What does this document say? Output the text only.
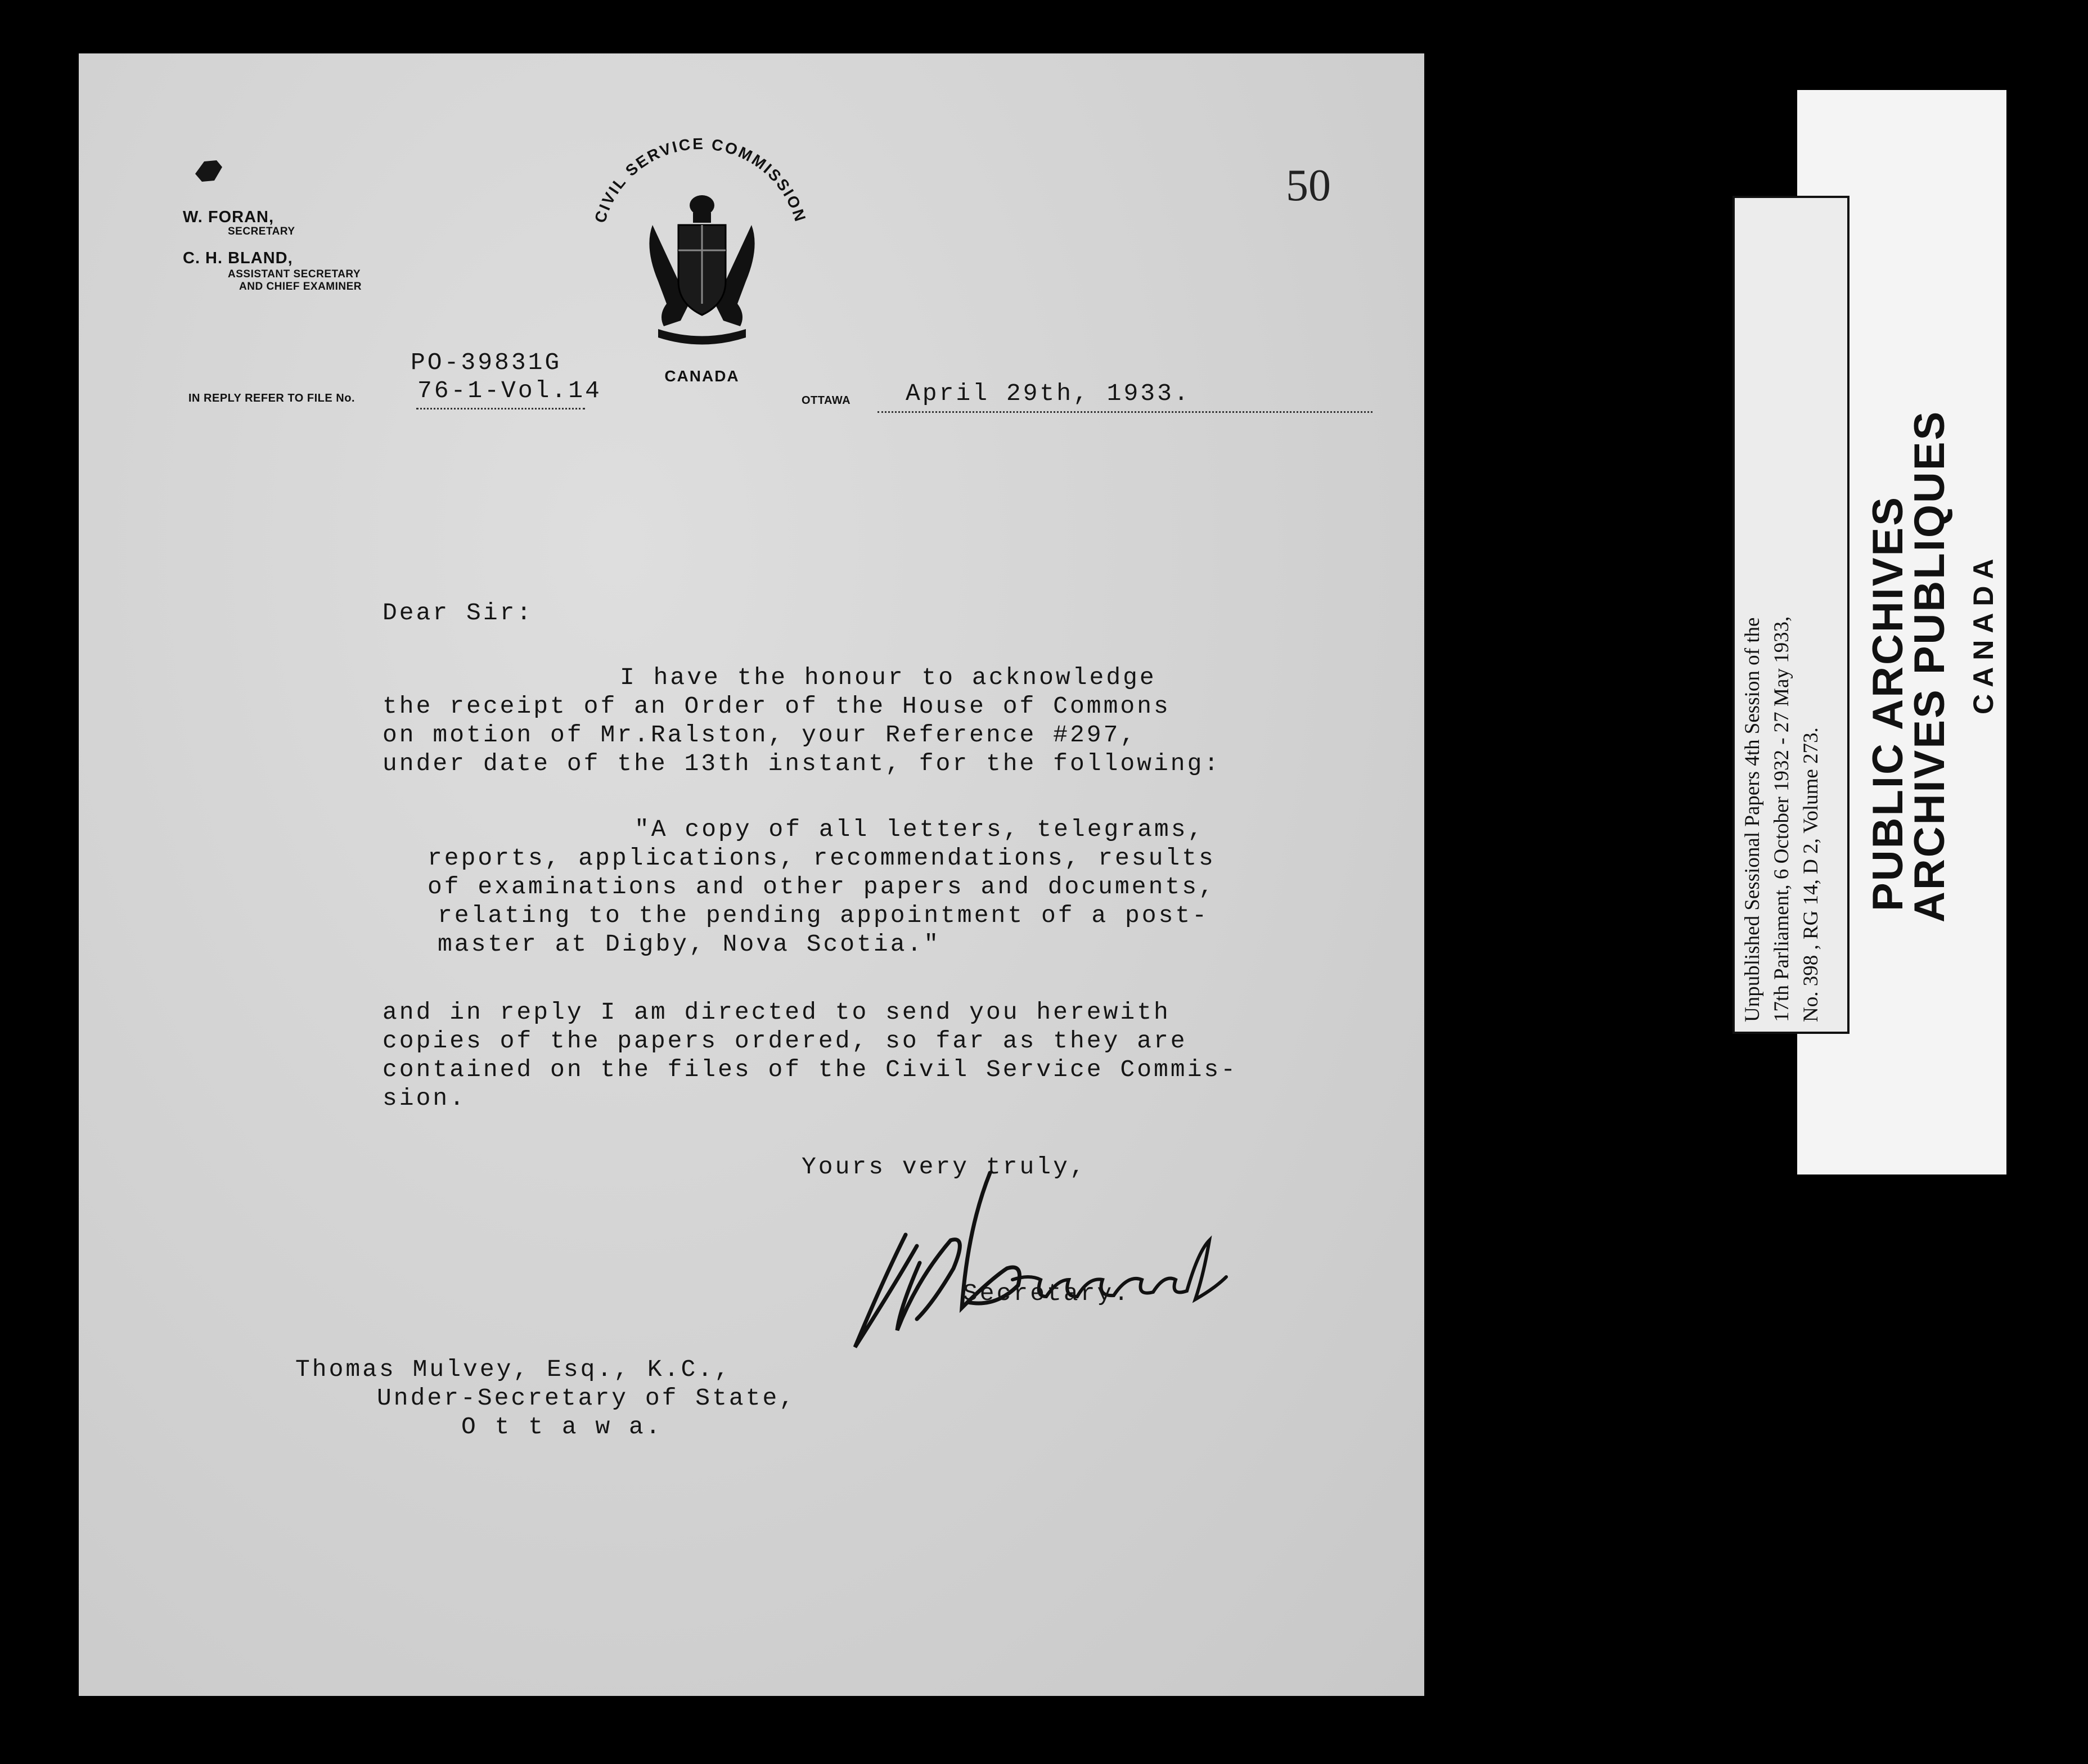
W. FORAN,
SECRETARY
C. H. BLAND,
ASSISTANT SECRETARY
AND CHIEF EXAMINER
CIVIL SERVICE COMMISSION
CANADA
50
PO-39831G
IN REPLY REFER TO FILE No.	76-1-Vol.14	OTTAWA April 29th, 1933.
Dear Sir:
I have the honour to acknowledge
the receipt of an Order of the House of Commons
on motion of Mr.Ralston, your Reference #297,
under date of the 13th instant, for the following:
"A copy of all letters, telegrams,
reports, applications, recommendations, results
of examinations and other papers and documents,
relating to the pending appointment of a post-
master at Digby, Nova Scotia."
and in reply I am directed to send you herewith
copies of the papers ordered, so far as they are
contained on the files of the Civil Service Commis-
sion.
Yours very truly,
Secretary.
Thomas Mulvey, Esq., K.C.,
Under-Secretary of State,
O t t a w a.
PUBLIC ARCHIVES
ARCHIVES PUBLIQUES CANADA
Unpublished Sessional Papers 4th Session of the 17th Parliament, 6 October 1932 - 27 May 1933, No. 398 , RG 14, D 2, Volume 273.
